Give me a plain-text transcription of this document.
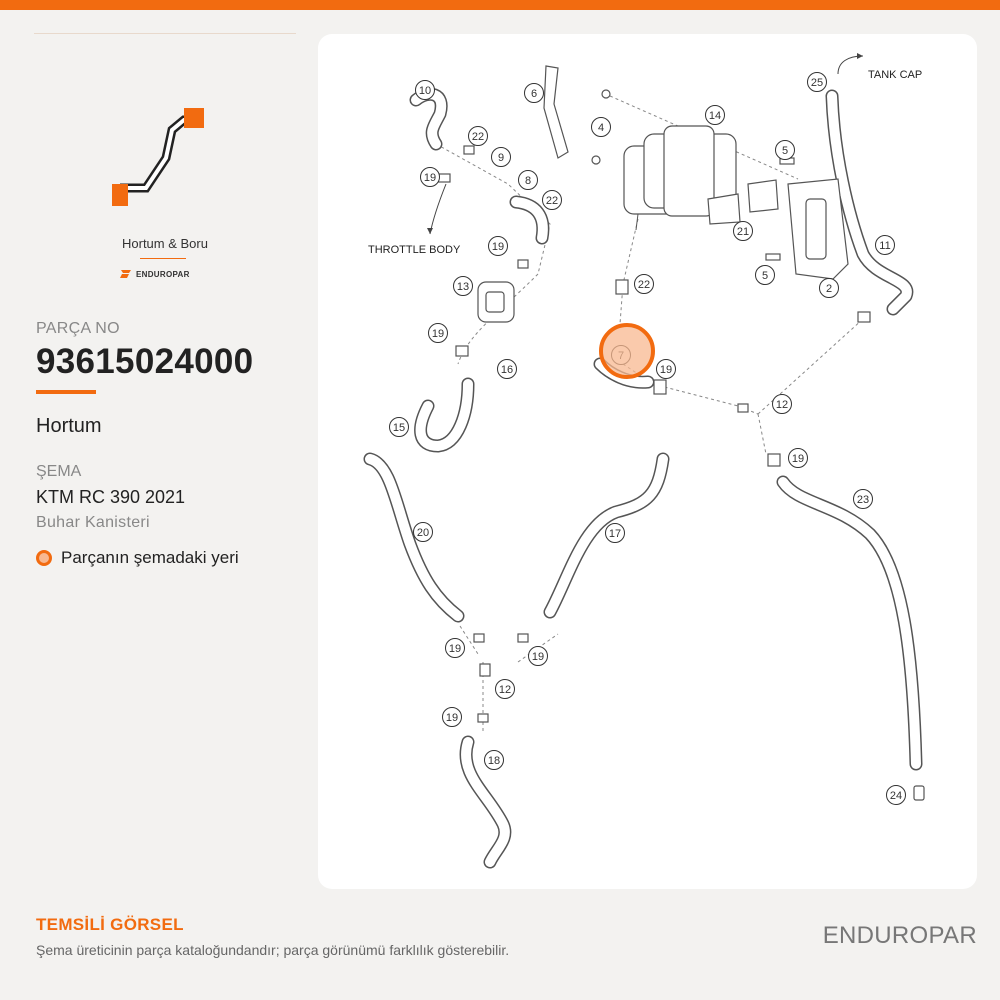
Hortum & Boru
ENDUROPAR
PARÇA NO
93615024000
Hortum
ŞEMA
KTM RC 390 2021
Buhar Kanisteri
Parçanın şemadaki yeri
TANK CAP
THROTTLE BODY
10	6
14
4
25
22
9
5
19	8
22
21
11
19
13
5
2
22
19
19
16
12
15
19
23
20	17
19
19
12
19
18
24
TEMSİLİ GÖRSEL
Şema üreticinin parça kataloğundandır; parça görünümü farklılık gösterebilir.
ENDUROPAR
